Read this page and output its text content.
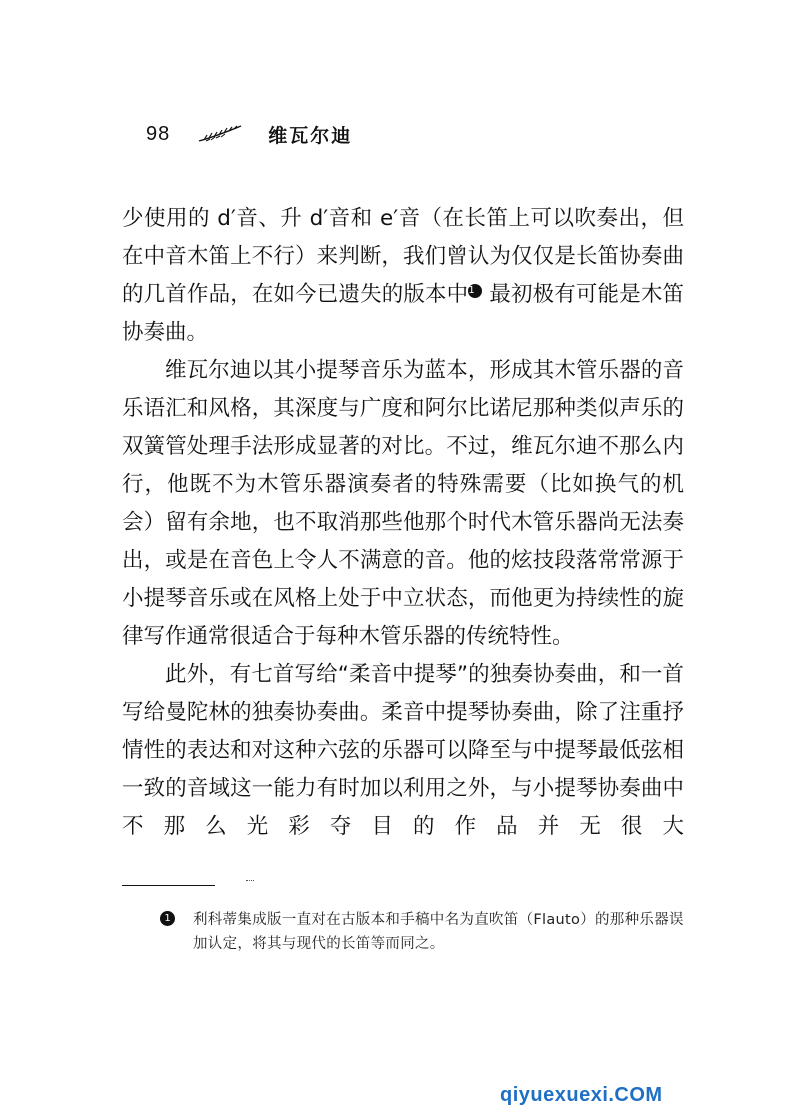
98	维瓦尔迪

少使用的 d′音、升 d′音和 e′音（在长笛上可以吹奏出，但在中音木笛上不行）来判断，我们曾认为仅仅是长笛协奏曲的几首作品，在如今已遗失的版本中1 最初极有可能是木笛协奏曲。

维瓦尔迪以其小提琴音乐为蓝本，形成其木管乐器的音乐语汇和风格，其深度与广度和阿尔比诺尼那种类似声乐的双簧管处理手法形成显著的对比。不过，维瓦尔迪不那么内行，他既不为木管乐器演奏者的特殊需要（比如换气的机会）留有余地，也不取消那些他那个时代木管乐器尚无法奏出，或是在音色上令人不满意的音。他的炫技段落常常源于小提琴音乐或在风格上处于中立状态，而他更为持续性的旋律写作通常很适合于每种木管乐器的传统特性。

此外，有七首写给“柔音中提琴”的独奏协奏曲，和一首写给曼陀林的独奏协奏曲。柔音中提琴协奏曲，除了注重抒情性的表达和对这种六弦的乐器可以降至与中提琴最低弦相一致的音域这一能力有时加以利用之外，与小提琴协奏曲中不那么光彩夺目的作品并无很大

1 利科蒂集成版一直对在古版本和手稿中名为直吹笛（Flauto）的那种乐器误加认定，将其与现代的长笛等而同之。
qiyuexuexi.COM
